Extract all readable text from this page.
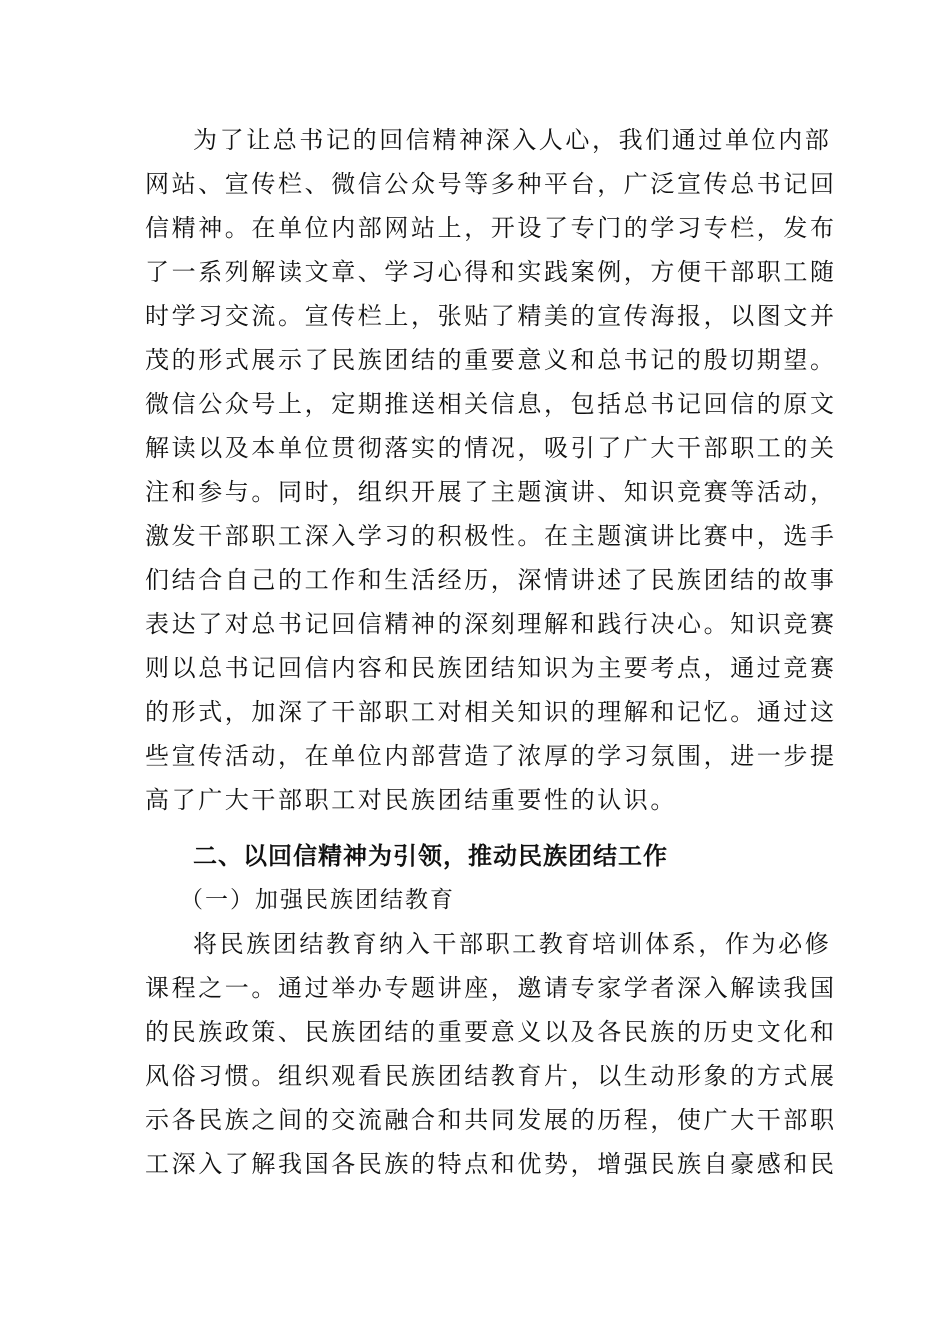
为了让总书记的回信精神深入人心，我们通过单位内部
网站、宣传栏、微信公众号等多种平台，广泛宣传总书记回
信精神。在单位内部网站上，开设了专门的学习专栏，发布
了一系列解读文章、学习心得和实践案例，方便干部职工随
时学习交流。宣传栏上，张贴了精美的宣传海报，以图文并
茂的形式展示了民族团结的重要意义和总书记的殷切期望。
微信公众号上，定期推送相关信息，包括总书记回信的原文
解读以及本单位贯彻落实的情况，吸引了广大干部职工的关
注和参与。同时，组织开展了主题演讲、知识竞赛等活动，
激发干部职工深入学习的积极性。在主题演讲比赛中，选手
们结合自己的工作和生活经历，深情讲述了民族团结的故事
表达了对总书记回信精神的深刻理解和践行决心。知识竞赛
则以总书记回信内容和民族团结知识为主要考点，通过竞赛
的形式，加深了干部职工对相关知识的理解和记忆。通过这
些宣传活动，在单位内部营造了浓厚的学习氛围，进一步提
高了广大干部职工对民族团结重要性的认识。
二、以回信精神为引领，推动民族团结工作
（一）加强民族团结教育
将民族团结教育纳入干部职工教育培训体系，作为必修
课程之一。通过举办专题讲座，邀请专家学者深入解读我国
的民族政策、民族团结的重要意义以及各民族的历史文化和
风俗习惯。组织观看民族团结教育片，以生动形象的方式展
示各民族之间的交流融合和共同发展的历程，使广大干部职
工深入了解我国各民族的特点和优势，增强民族自豪感和民
